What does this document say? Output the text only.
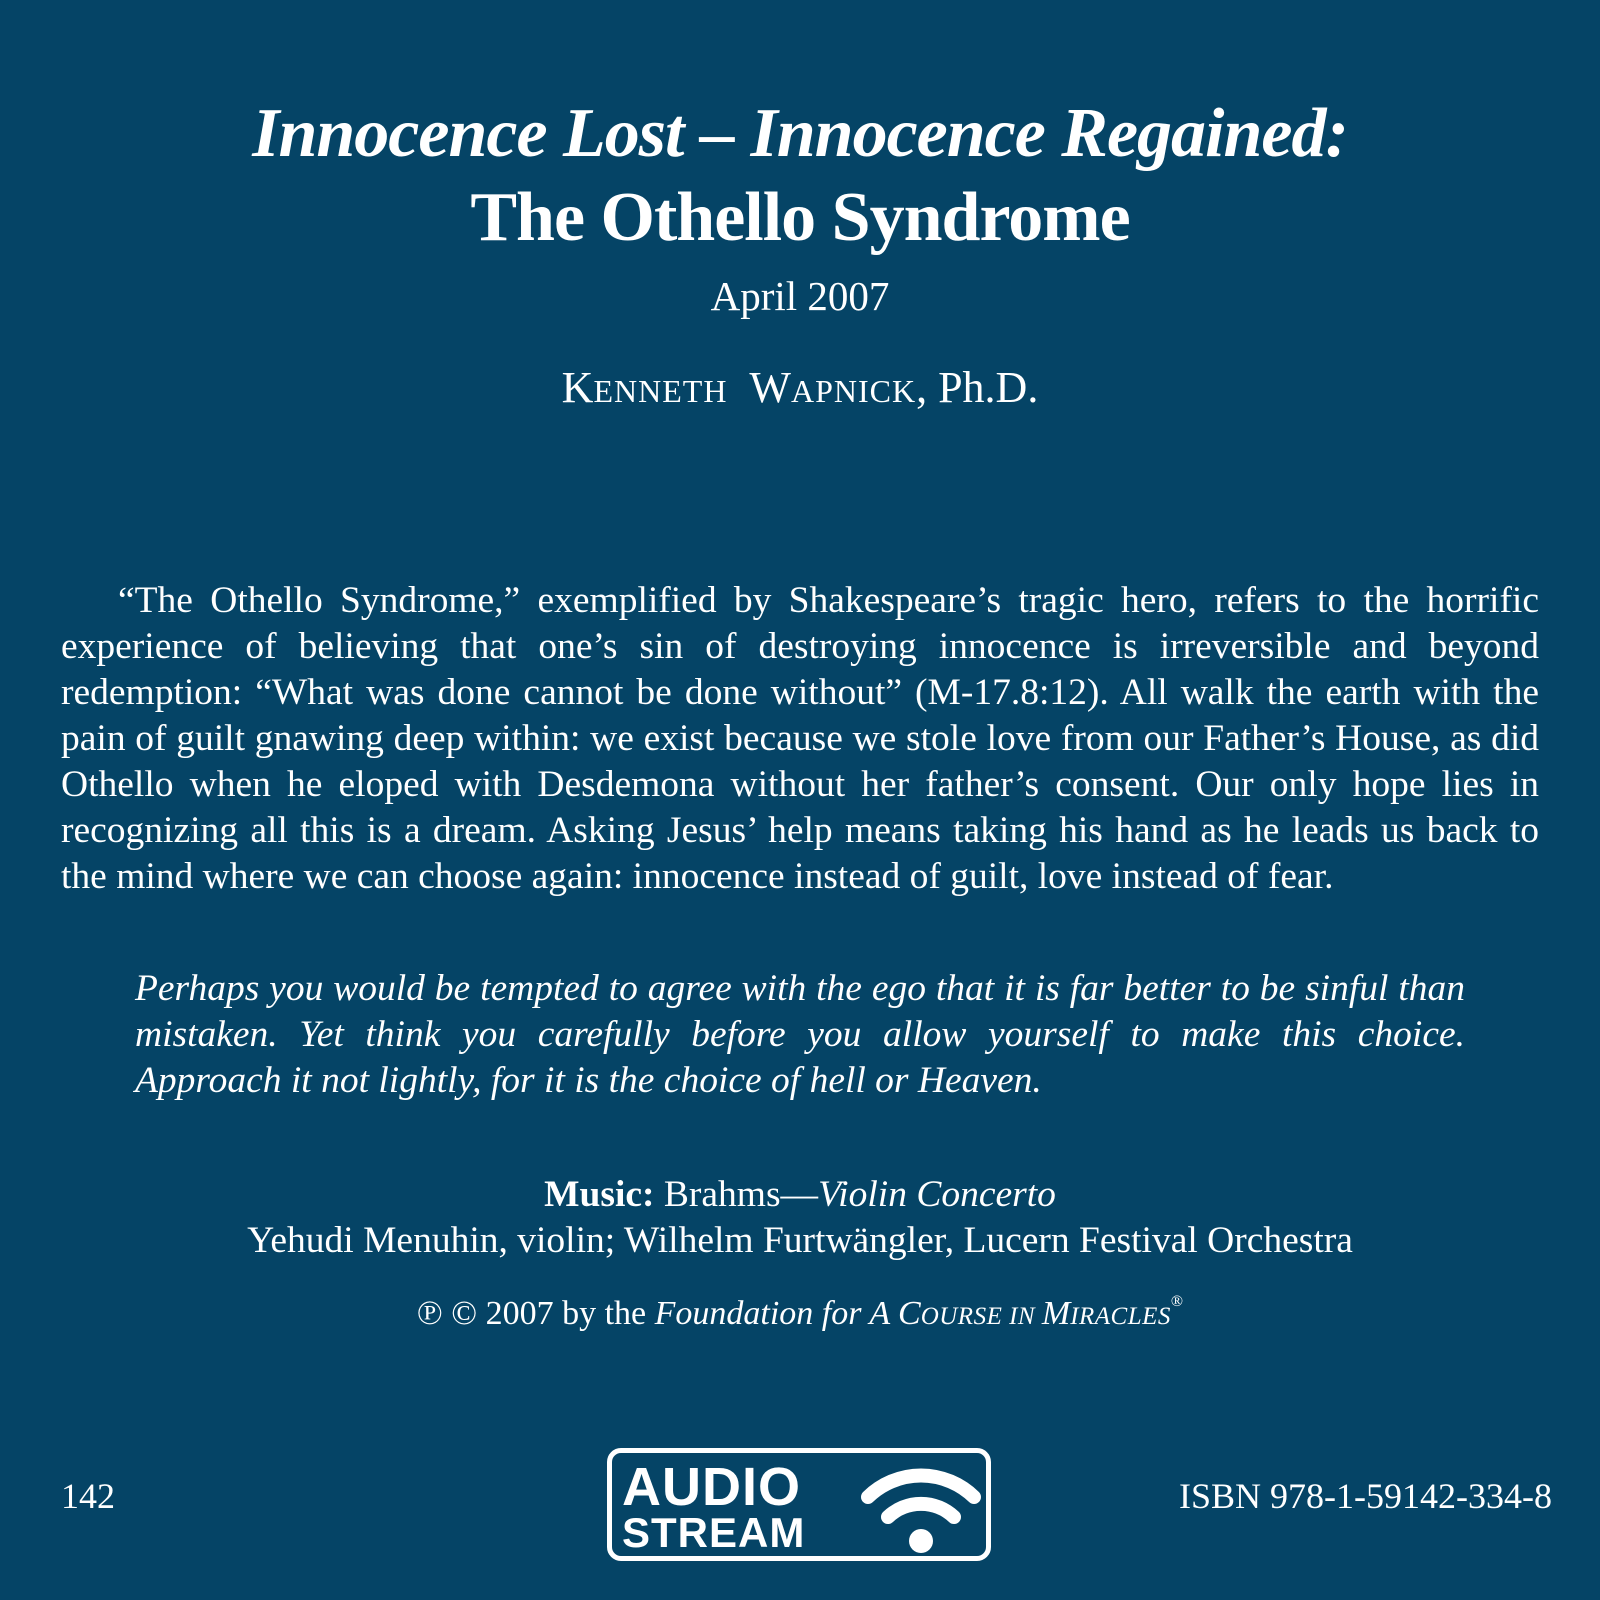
Innocence Lost – Innocence Regained:
The Othello Syndrome
April 2007
KENNETH WAPNICK, Ph.D.

“The Othello Syndrome,” exemplified by Shakespeare’s tragic hero, refers to the horrific experience of believing that one’s sin of destroying innocence is irreversible and beyond redemption: “What was done cannot be done without” (M-17.8:12). All walk the earth with the pain of guilt gnawing deep within: we exist because we stole love from our Father’s House, as did Othello when he eloped with Desdemona without her father’s consent. Our only hope lies in recognizing all this is a dream. Asking Jesus’ help means taking his hand as he leads us back to the mind where we can choose again: innocence instead of guilt, love instead of fear.

Perhaps you would be tempted to agree with the ego that it is far better to be sinful than mistaken. Yet think you carefully before you allow yourself to make this choice. Approach it not lightly, for it is the choice of hell or Heaven.

Music: Brahms—Violin Concerto
Yehudi Menuhin, violin; Wilhelm Furtwängler, Lucern Festival Orchestra
℗ © 2007 by the Foundation for A COURSE IN MIRACLES®
142	AUDIO
STREAM
ISBN 978-1-59142-334-8
